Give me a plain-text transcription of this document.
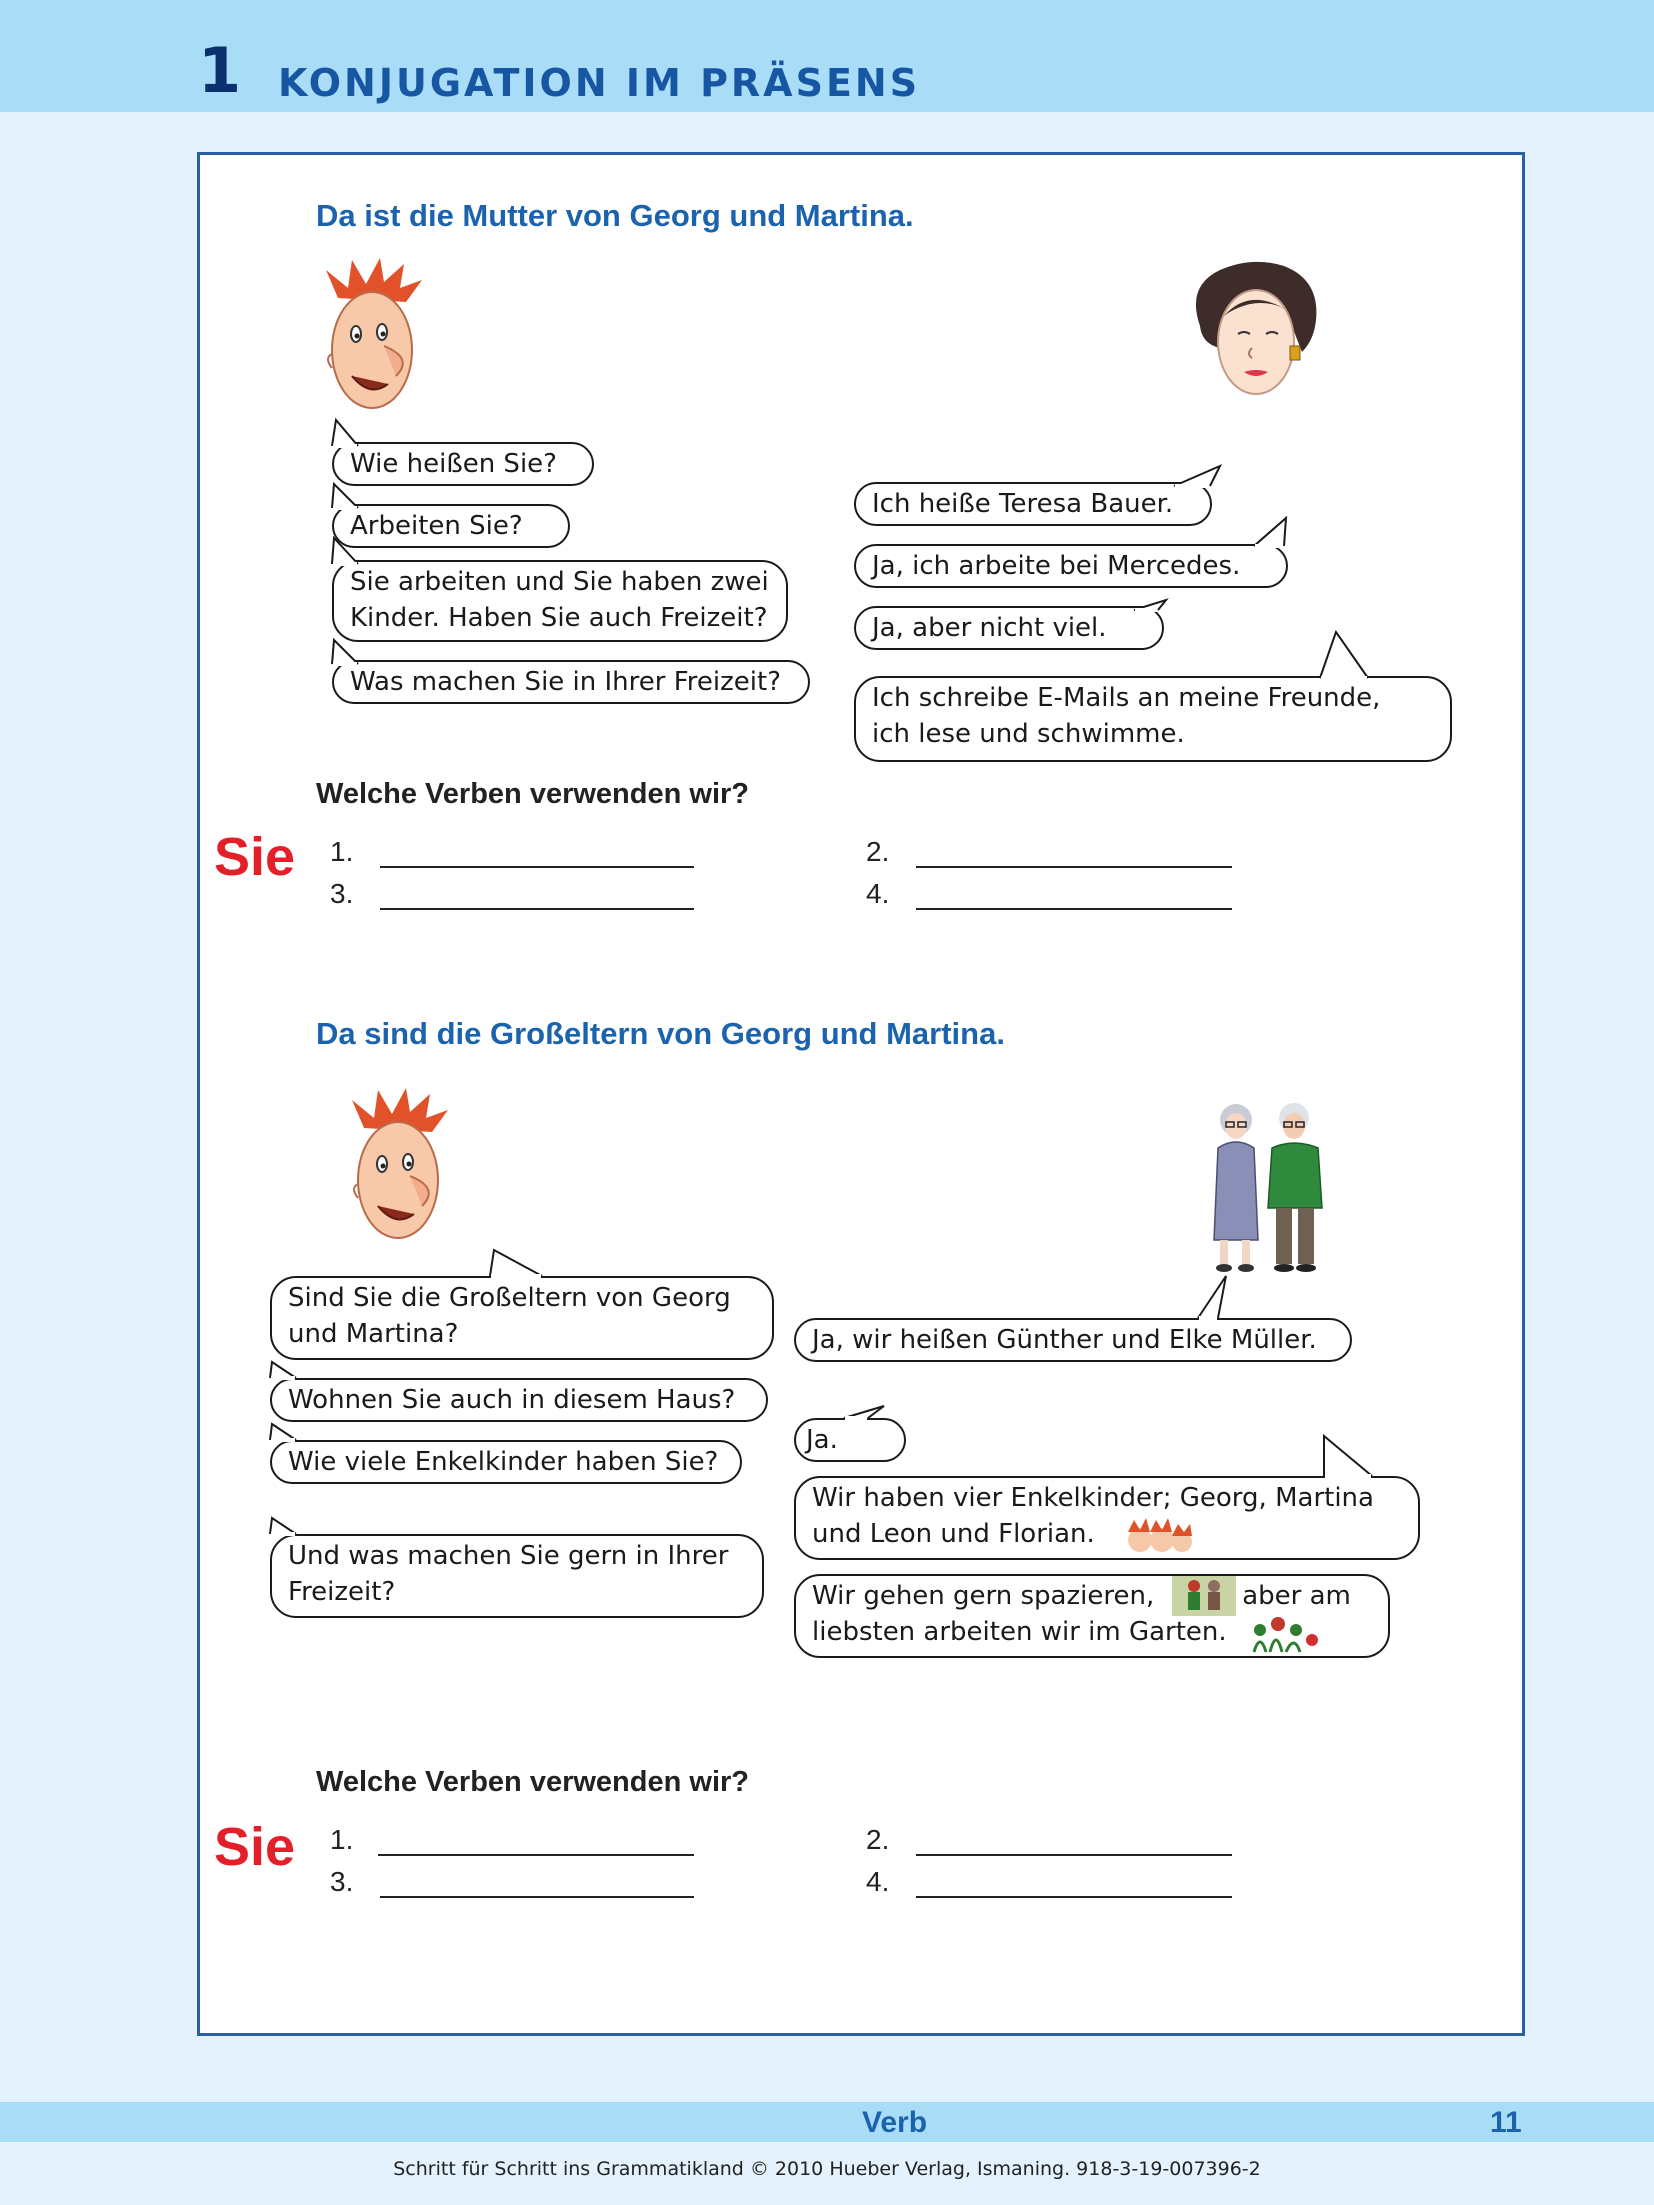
1 KONJUGATION IM PRÄSENS
Da ist die Mutter von Georg und Martina.
Wie heißen Sie?
Arbeiten Sie?
Sie arbeiten und Sie haben zwei
Kinder. Haben Sie auch Freizeit?
Was machen Sie in Ihrer Freizeit?
Ich heiße Teresa Bauer.
Ja, ich arbeite bei Mercedes.
Ja, aber nicht viel.
Ich schreibe E-Mails an meine Freunde,
ich lese und schwimme.
Welche Verben verwenden wir?
Sie 1.	2.
3.	4.
Da sind die Großeltern von Georg und Martina.
Sind Sie die Großeltern von Georg
und Martina?
Wohnen Sie auch in diesem Haus?
Wie viele Enkelkinder haben Sie?
Und was machen Sie gern in Ihrer
Freizeit?
Ja, wir heißen Günther und Elke Müller.
Ja.
Wir haben vier Enkelkinder; Georg, Martina
und Leon und Florian.
Wir gehen gern spazieren,	aber am
liebsten arbeiten wir im Garten.
Welche Verben verwenden wir?
Sie 1.	2.
3.	4.
Verb	11
Schritt für Schritt ins Grammatikland © 2010 Hueber Verlag, Ismaning. 918-3-19-007396-2
